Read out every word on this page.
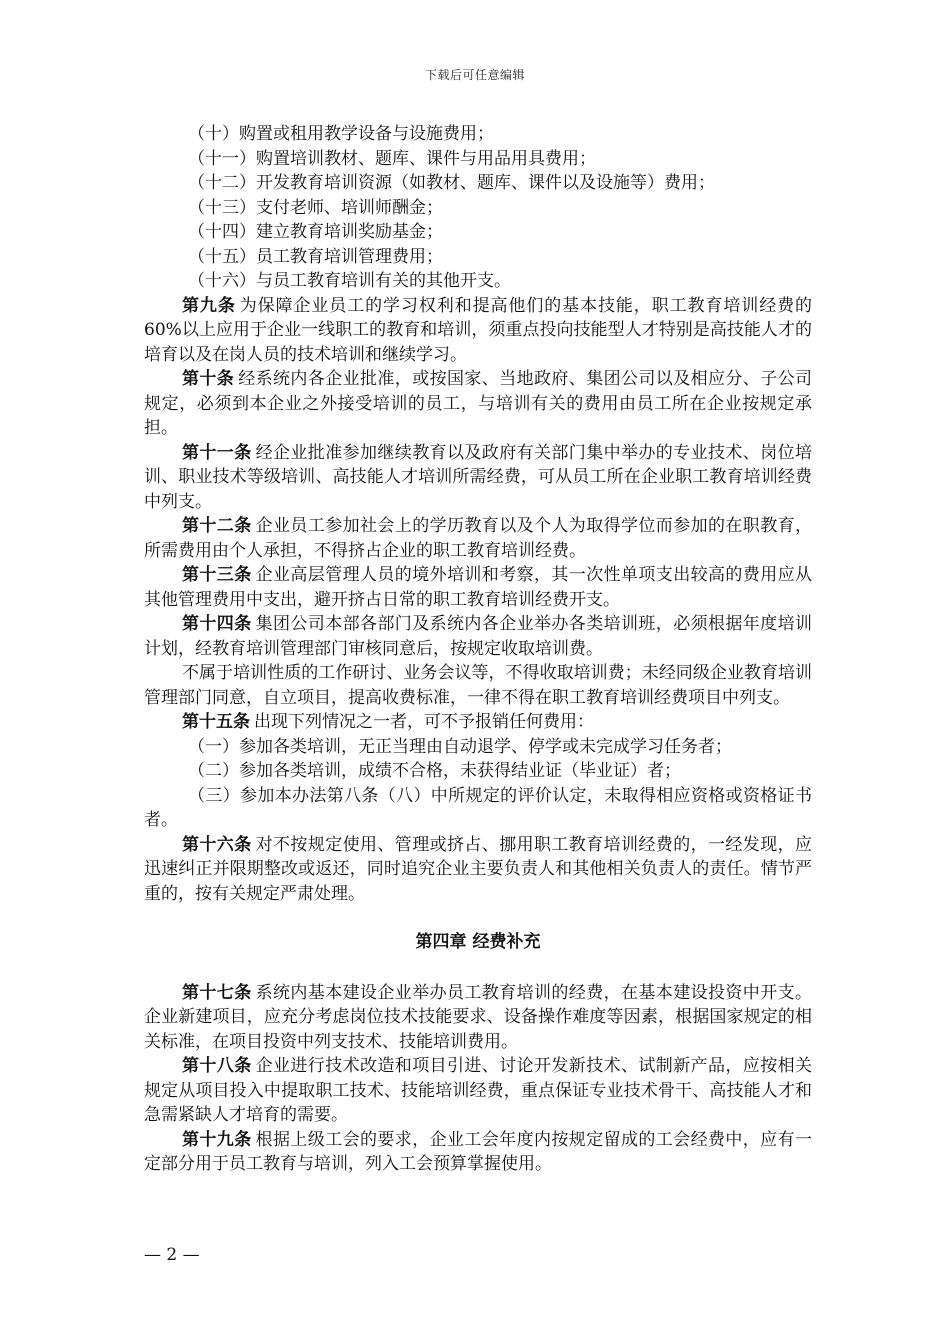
下载后可任意编辑
（十）购置或租用教学设备与设施费用；
（十一）购置培训教材、题库、课件与用品用具费用；
（十二）开发教育培训资源（如教材、题库、课件以及设施等）费用；
（十三）支付老师、培训师酬金；
（十四）建立教育培训奖励基金；
（十五）员工教育培训管理费用；
（十六）与员工教育培训有关的其他开支。

第九条 为保障企业员工的学习权利和提高他们的基本技能，职工教育培训经费的60%以上应用于企业一线职工的教育和培训，须重点投向技能型人才特别是高技能人才的培育以及在岗人员的技术培训和继续学习。

第十条 经系统内各企业批准，或按国家、当地政府、集团公司以及相应分、子公司规定，必须到本企业之外接受培训的员工，与培训有关的费用由员工所在企业按规定承担。

第十一条 经企业批准参加继续教育以及政府有关部门集中举办的专业技术、岗位培训、职业技术等级培训、高技能人才培训所需经费，可从员工所在企业职工教育培训经费中列支。

第十二条 企业员工参加社会上的学历教育以及个人为取得学位而参加的在职教育，所需费用由个人承担，不得挤占企业的职工教育培训经费。

第十三条 企业高层管理人员的境外培训和考察，其一次性单项支出较高的费用应从其他管理费用中支出，避开挤占日常的职工教育培训经费开支。

第十四条 集团公司本部各部门及系统内各企业举办各类培训班，必须根据年度培训计划，经教育培训管理部门审核同意后，按规定收取培训费。

不属于培训性质的工作研讨、业务会议等，不得收取培训费；未经同级企业教育培训管理部门同意，自立项目，提高收费标准，一律不得在职工教育培训经费项目中列支。

第十五条 出现下列情况之一者，可不予报销任何费用：

（一）参加各类培训，无正当理由自动退学、停学或未完成学习任务者；

（二）参加各类培训，成绩不合格，未获得结业证（毕业证）者；

（三）参加本办法第八条（八）中所规定的评价认定，未取得相应资格或资格证书者。

第十六条 对不按规定使用、管理或挤占、挪用职工教育培训经费的，一经发现，应迅速纠正并限期整改或返还，同时追究企业主要负责人和其他相关负责人的责任。情节严重的，按有关规定严肃处理。

第四章 经费补充

第十七条 系统内基本建设企业举办员工教育培训的经费，在基本建设投资中开支。企业新建项目，应充分考虑岗位技术技能要求、设备操作难度等因素，根据国家规定的相关标准，在项目投资中列支技术、技能培训费用。

第十八条 企业进行技术改造和项目引进、讨论开发新技术、试制新产品，应按相关规定从项目投入中提取职工技术、技能培训经费，重点保证专业技术骨干、高技能人才和急需紧缺人才培育的需要。

第十九条 根据上级工会的要求，企业工会年度内按规定留成的工会经费中，应有一定部分用于员工教育与培训，列入工会预算掌握使用。

— 2 —
